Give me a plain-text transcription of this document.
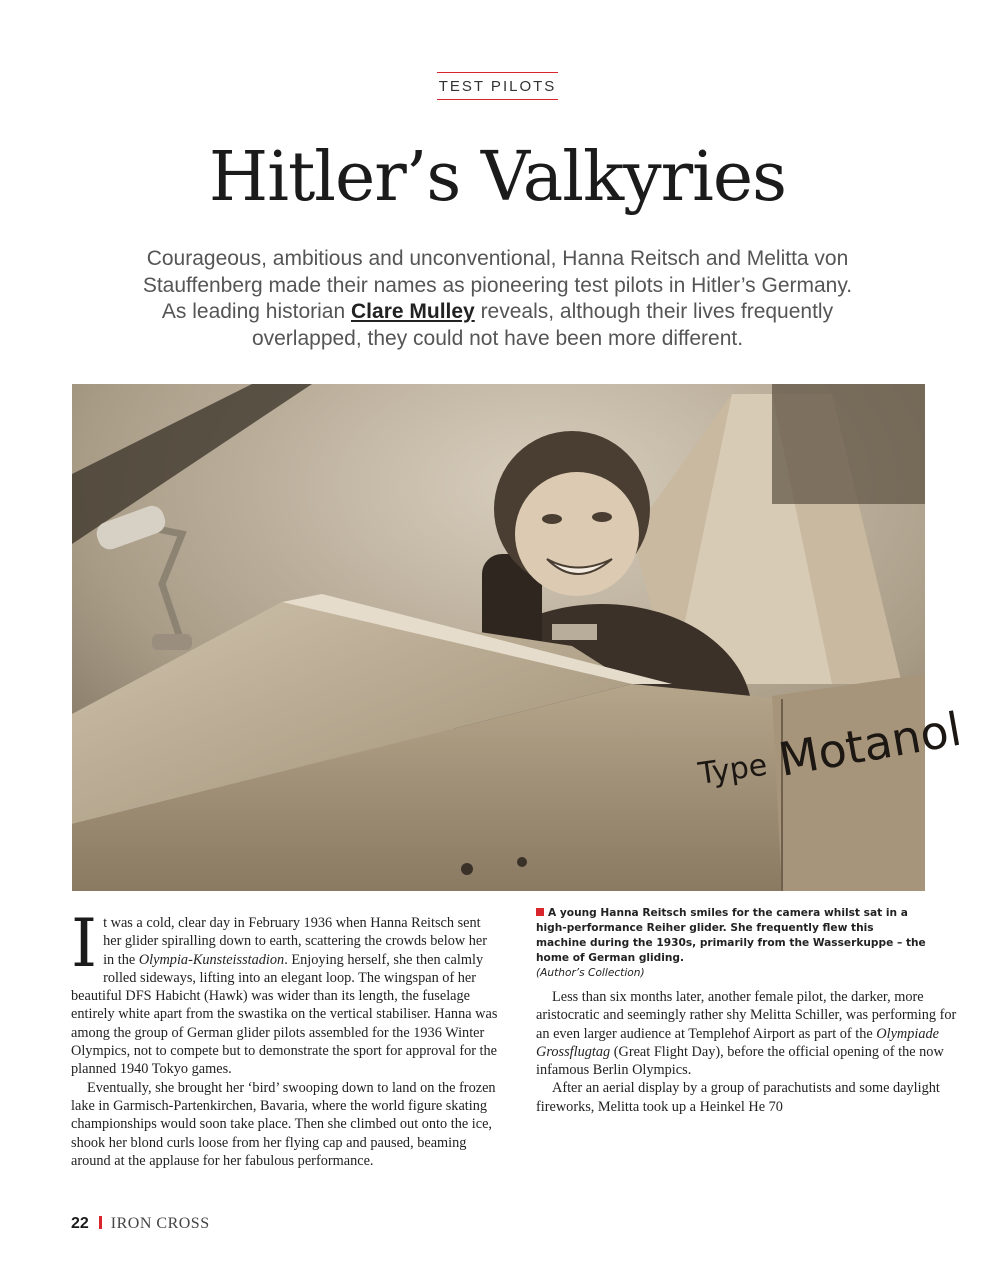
TEST PILOTS
Hitler’s Valkyries

Courageous, ambitious and unconventional, Hanna Reitsch and Melitta von Stauffenberg made their names as pioneering test pilots in Hitler’s Germany. As leading historian Clare Mulley reveals, although their lives frequently overlapped, they could not have been more different.

Type Motanol
A young Hanna Reitsch smiles for the camera whilst sat in a high-performance Reiher glider. She frequently flew this machine during the 1930s, primarily from the Wasserkuppe – the home of German gliding.
(Author’s Collection)

It was a cold, clear day in February 1936 when Hanna Reitsch sent her glider spiralling down to earth, scattering the crowds below her in the Olympia-Kunsteisstadion. Enjoying herself, she then calmly rolled sideways, lifting into an elegant loop. The wingspan of her beautiful DFS Habicht (Hawk) was wider than its length, the fuselage entirely white apart from the swastika on the vertical stabiliser. Hanna was among the group of German glider pilots assembled for the 1936 Winter Olympics, not to compete but to demonstrate the sport for approval for the planned 1940 Tokyo games.

Eventually, she brought her ‘bird’ swooping down to land on the frozen lake in Garmisch-Partenkirchen, Bavaria, where the world figure skating championships would soon take place. Then she climbed out onto the ice, shook her blond curls loose from her flying cap and paused, beaming around at the applause for her fabulous performance.

Less than six months later, another female pilot, the darker, more aristocratic and seemingly rather shy Melitta Schiller, was performing for an even larger audience at Templehof Airport as part of the Olympiade Grossflugtag (Great Flight Day), before the official opening of the now infamous Berlin Olympics.

After an aerial display by a group of parachutists and some daylight fireworks, Melitta took up a Heinkel He 70

22 IRON CROSS
